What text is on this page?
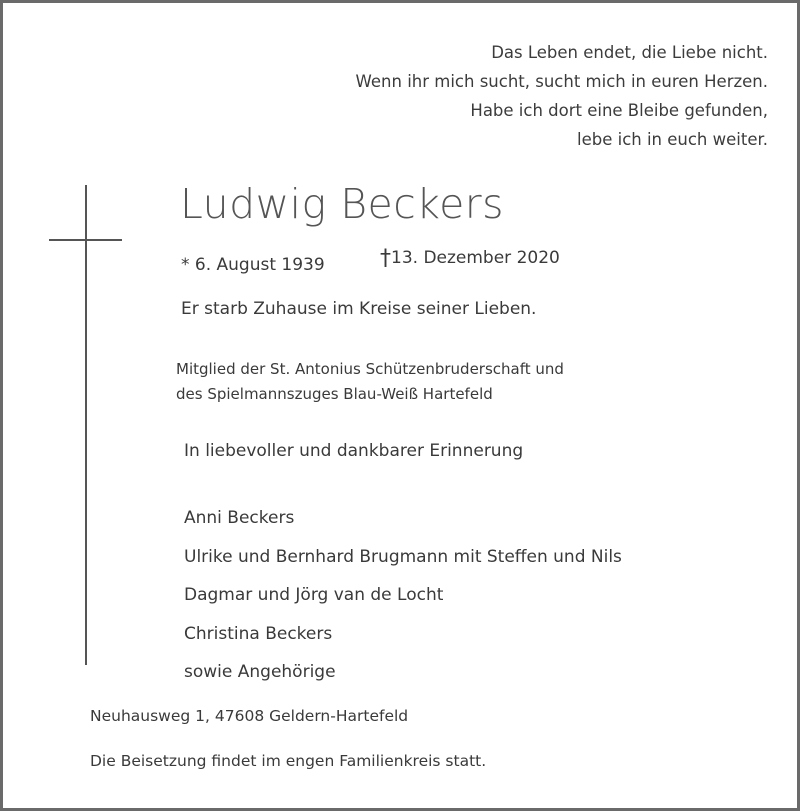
Das Leben endet, die Liebe nicht.
Wenn ihr mich sucht, sucht mich in euren Herzen.
Habe ich dort eine Bleibe gefunden,
lebe ich in euch weiter.
Ludwig Beckers
* 6. August 1939	†13. Dezember 2020
Er starb Zuhause im Kreise seiner Lieben.
Mitglied der St. Antonius Schützenbruderschaft und
des Spielmannszuges Blau-Weiß Hartefeld
In liebevoller und dankbarer Erinnerung
Anni Beckers
Ulrike und Bernhard Brugmann mit Steffen und Nils
Dagmar und Jörg van de Locht
Christina Beckers
sowie Angehörige
Neuhausweg 1, 47608 Geldern-Hartefeld
Die Beisetzung findet im engen Familienkreis statt.
